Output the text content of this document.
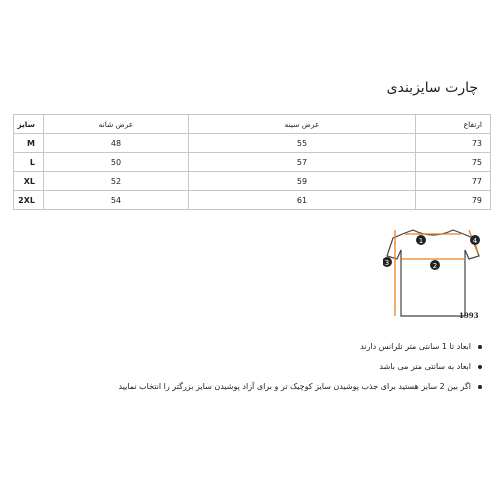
چارت سایزبندی
ارتفاع	عرض سینه	عرض شانه	سایز
73	55	48	M
75	57	50	L
77	59	52	XL
79	61	54	2XL
1
2
3
4
1993
ابعاد تا 1 سانتی متر تلرانس دارند
ابعاد به سانتی متر می باشد
اگر بین 2 سایز هستید برای جذب پوشیدن سایز کوچیک تر و برای آزاد پوشیدن سایز بزرگتر را انتخاب نمایید
